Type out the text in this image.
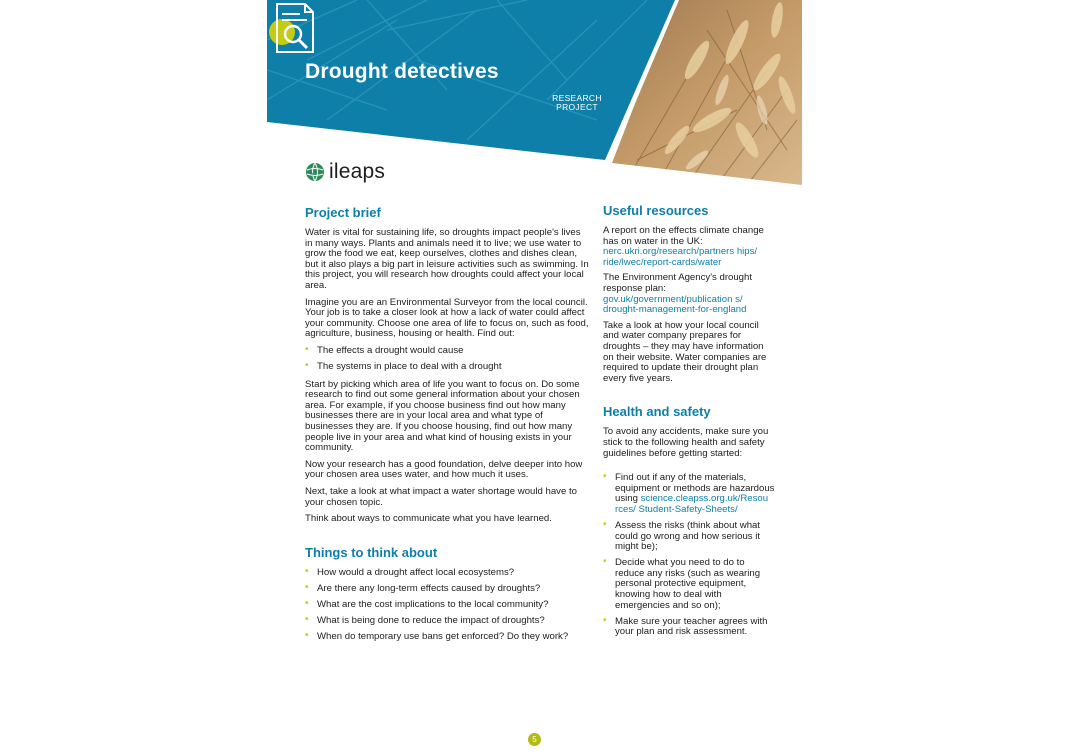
Drought detectives
RESEARCH PROJECT
ileaps
Project brief

Water is vital for sustaining life, so droughts impact people's lives in many ways. Plants and animals need it to live; we use water to grow the food we eat, keep ourselves, clothes and dishes clean, but it also plays a big part in leisure activities such as swimming. In this project, you will research how droughts could affect your local area.

Imagine you are an Environmental Surveyor from the local council. Your job is to take a closer look at how a lack of water could affect your community. Choose one area of life to focus on, such as food, agriculture, business, housing or health. Find out:

• The effects a drought would cause
• The systems in place to deal with a drought

Start by picking which area of life you want to focus on. Do some research to find out some general information about your chosen area. For example, if you choose business find out how many businesses there are in your local area and what type of businesses they are. If you choose housing, find out how many people live in your area and what kind of housing exists in your community.

Now your research has a good foundation, delve deeper into how your chosen area uses water, and how much it uses.

Next, take a look at what impact a water shortage would have to your chosen topic.

Think about ways to communicate what you have learned.

Things to think about
• How would a drought affect local ecosystems?
• Are there any long-term effects caused by droughts?
• What are the cost implications to the local community?
• What is being done to reduce the impact of droughts?
• When do temporary use bans get enforced? Do they work?
Useful resources

A report on the effects climate change has on water in the UK:
nerc.ukri.org/research/partners hips/ ride/lwec/report-cards/water

The Environment Agency's drought response plan:
gov.uk/government/publication s/ drought-management-for-england

Take a look at how your local council and water company prepares for droughts – they may have information on their website. Water companies are required to update their drought plan every five years.

Health and safety

To avoid any accidents, make sure you stick to the following health and safety guidelines before getting started:

• Find out if any of the materials, equipment or methods are hazardous using science.cleapss.org.uk/Resou rces/ Student-Safety-Sheets/
• Assess the risks (think about what could go wrong and how serious it might be);
• Decide what you need to do to reduce any risks (such as wearing personal protective equipment, knowing how to deal with emergencies and so on);
• Make sure your teacher agrees with your plan and risk assessment.
5
